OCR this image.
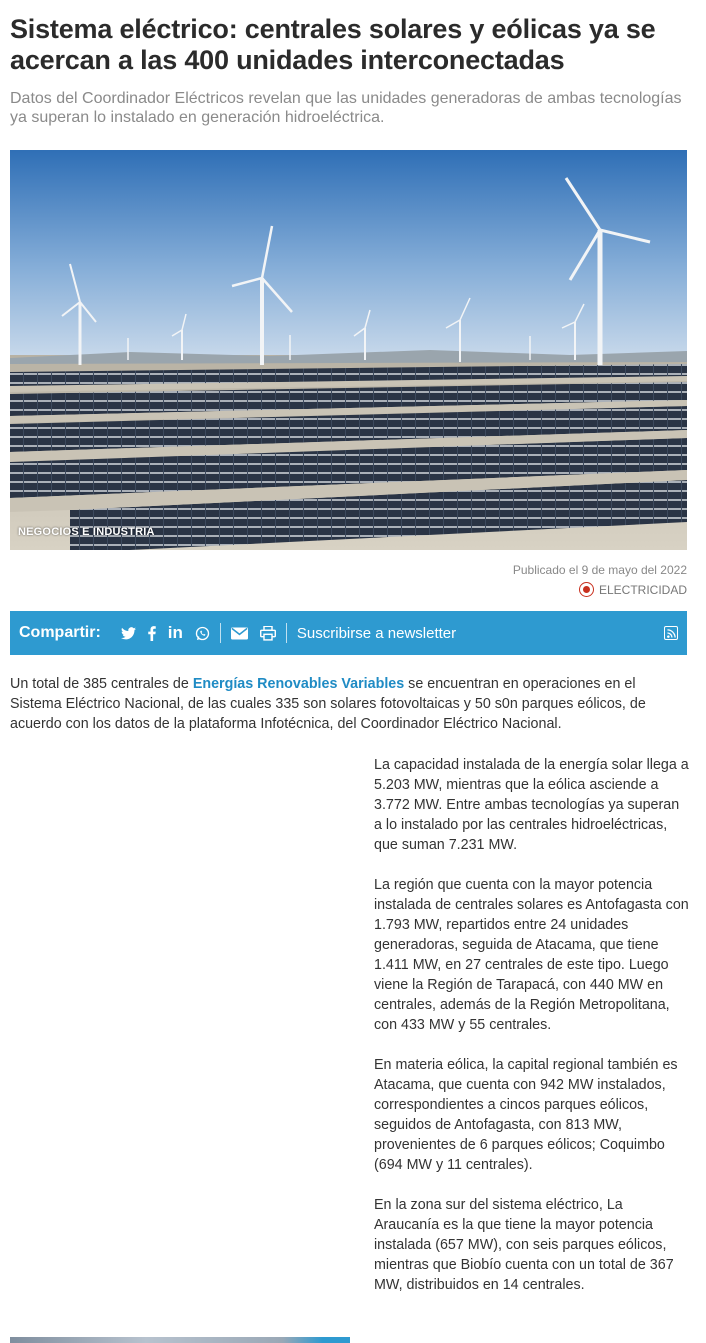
Sistema eléctrico: centrales solares y eólicas ya se acercan a las 400 unidades interconectadas

Datos del Coordinador Eléctricos revelan que las unidades generadoras de ambas tecnologías ya superan lo instalado en generación hidroeléctrica.

NEGOCIOS E INDUSTRIA
Publicado el 9 de mayo del 2022
ELECTRICIDAD
Compartir:	in	Suscribirse a newsletter

Un total de 385 centrales de Energías Renovables Variables se encuentran en operaciones en el Sistema Eléctrico Nacional, de las cuales 335 son solares fotovoltaicas y 50 s0n parques eólicos, de acuerdo con los datos de la plataforma Infotécnica, del Coordinador Eléctrico Nacional.

La capacidad instalada de la energía solar llega a 5.203 MW, mientras que la eólica asciende a 3.772 MW. Entre ambas tecnologías ya superan a lo instalado por las centrales hidroeléctricas, que suman 7.231 MW.

La región que cuenta con la mayor potencia instalada de centrales solares es Antofagasta con 1.793 MW, repartidos entre 24 unidades generadoras, seguida de Atacama, que tiene 1.411 MW, en 27 centrales de este tipo. Luego viene la Región de Tarapacá, con 440 MW en centrales, además de la Región Metropolitana, con 433 MW y 55 centrales.

En materia eólica, la capital regional también es Atacama, que cuenta con 942 MW instalados, correspondientes a cincos parques eólicos, seguidos de Antofagasta, con 813 MW, provenientes de 6 parques eólicos; Coquimbo (694 MW y 11 centrales).

En la zona sur del sistema eléctrico, La Araucanía es la que tiene la mayor potencia instalada (657 MW), con seis parques eólicos, mientras que Biobío cuenta con un total de 367 MW, distribuidos en 14 centrales.
